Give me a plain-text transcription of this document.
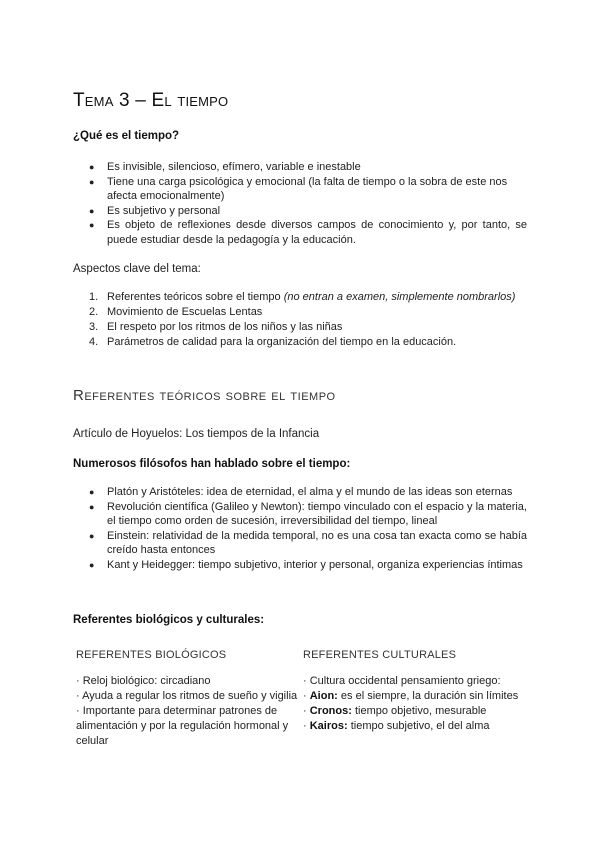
Tema 3 – El tiempo
¿Qué es el tiempo?
● Es invisible, silencioso, efímero, variable e inestable
● Tiene una carga psicológica y emocional (la falta de tiempo o la sobra de este nos afecta emocionalmente)
● Es subjetivo y personal
● Es objeto de reflexiones desde diversos campos de conocimiento y, por tanto, se puede estudiar desde la pedagogía y la educación.
Aspectos clave del tema:
1. Referentes teóricos sobre el tiempo (no entran a examen, simplemente nombrarlos)
2. Movimiento de Escuelas Lentas
3. El respeto por los ritmos de los niños y las niñas
4. Parámetros de calidad para la organización del tiempo en la educación.
Referentes teóricos sobre el tiempo
Artículo de Hoyuelos: Los tiempos de la Infancia
Numerosos filósofos han hablado sobre el tiempo:
● Platón y Aristóteles: idea de eternidad, el alma y el mundo de las ideas son eternas
● Revolución científica (Galileo y Newton): tiempo vinculado con el espacio y la materia, el tiempo como orden de sucesión, irreversibilidad del tiempo, lineal
● Einstein: relatividad de la medida temporal, no es una cosa tan exacta como se había creído hasta entonces
● Kant y Heidegger: tiempo subjetivo, interior y personal, organiza experiencias íntimas
Referentes biológicos y culturales:
REFERENTES BIOLÓGICOS
· Reloj biológico: circadiano
· Ayuda a regular los ritmos de sueño y vigilia
· Importante para determinar patrones de alimentación y por la regulación hormonal y celular
REFERENTES CULTURALES
· Cultura occidental pensamiento griego:
· Aion: es el siempre, la duración sin límites
· Cronos: tiempo objetivo, mesurable
· Kairos: tiempo subjetivo, el del alma
